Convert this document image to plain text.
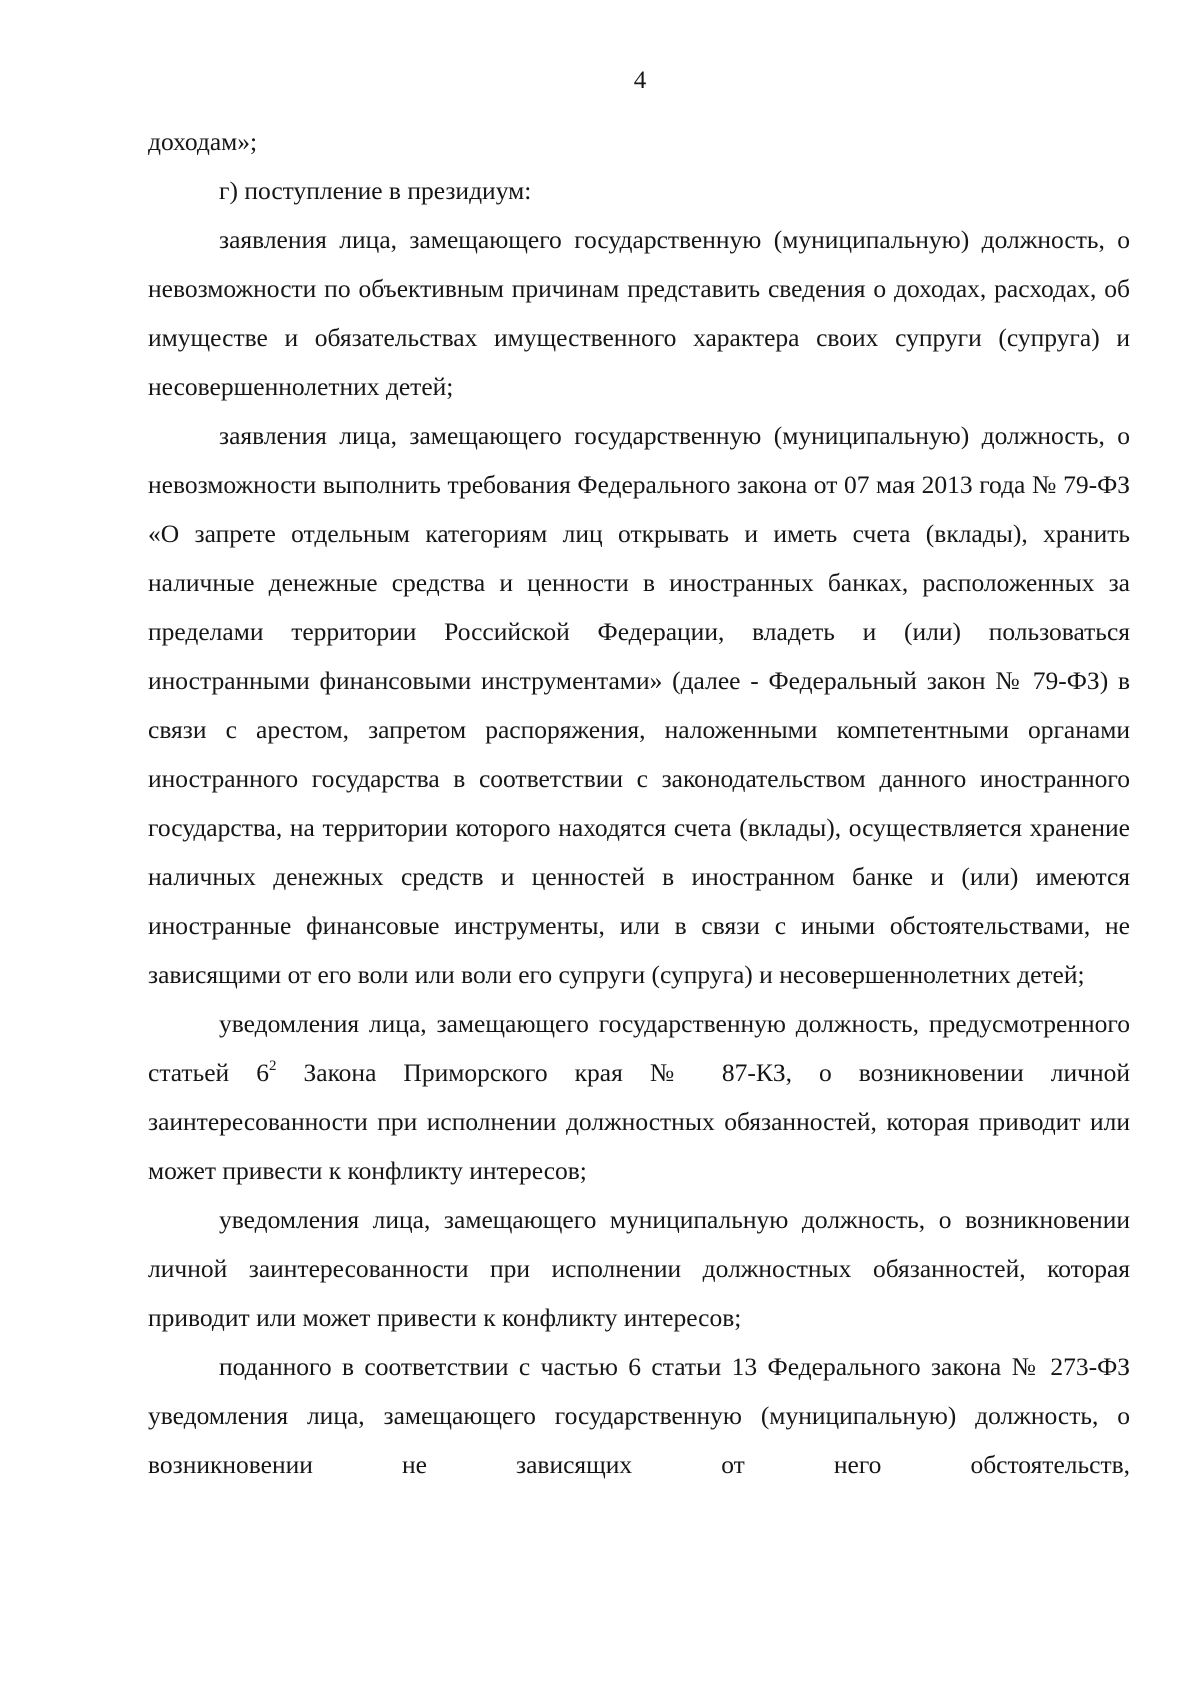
4

доходам»;

г) поступление в президиум:

заявления лица, замещающего государственную (муниципальную) должность, о невозможности по объективным причинам представить сведения о доходах, расходах, об имуществе и обязательствах имущественного характера своих супруги (супруга) и несовершеннолетних детей;

заявления лица, замещающего государственную (муниципальную) должность, о невозможности выполнить требования Федерального закона от 07 мая 2013 года № 79-ФЗ «О запрете отдельным категориям лиц открывать и иметь счета (вклады), хранить наличные денежные средства и ценности в иностранных банках, расположенных за пределами территории Российской Федерации, владеть и (или) пользоваться иностранными финансовыми инструментами» (далее - Федеральный закон № 79-ФЗ) в связи с арестом, запретом распоряжения, наложенными компетентными органами иностранного государства в соответствии с законодательством данного иностранного государства, на территории которого находятся счета (вклады), осуществляется хранение наличных денежных средств и ценностей в иностранном банке и (или) имеются иностранные финансовые инструменты, или в связи с иными обстоятельствами, не зависящими от его воли или воли его супруги (супруга) и несовершеннолетних детей;

уведомления лица, замещающего государственную должность, предусмотренного статьей $6^2$ Закона Приморского края № 87-КЗ, о возникновении личной заинтересованности при исполнении должностных обязанностей, которая приводит или может привести к конфликту интересов;

уведомления лица, замещающего муниципальную должность, о возникновении личной заинтересованности при исполнении должностных обязанностей, которая приводит или может привести к конфликту интересов;

поданного в соответствии с частью 6 статьи 13 Федерального закона № 273-ФЗ уведомления лица, замещающего государственную (муниципальную) должность, о возникновении не зависящих от него обстоятельств,
